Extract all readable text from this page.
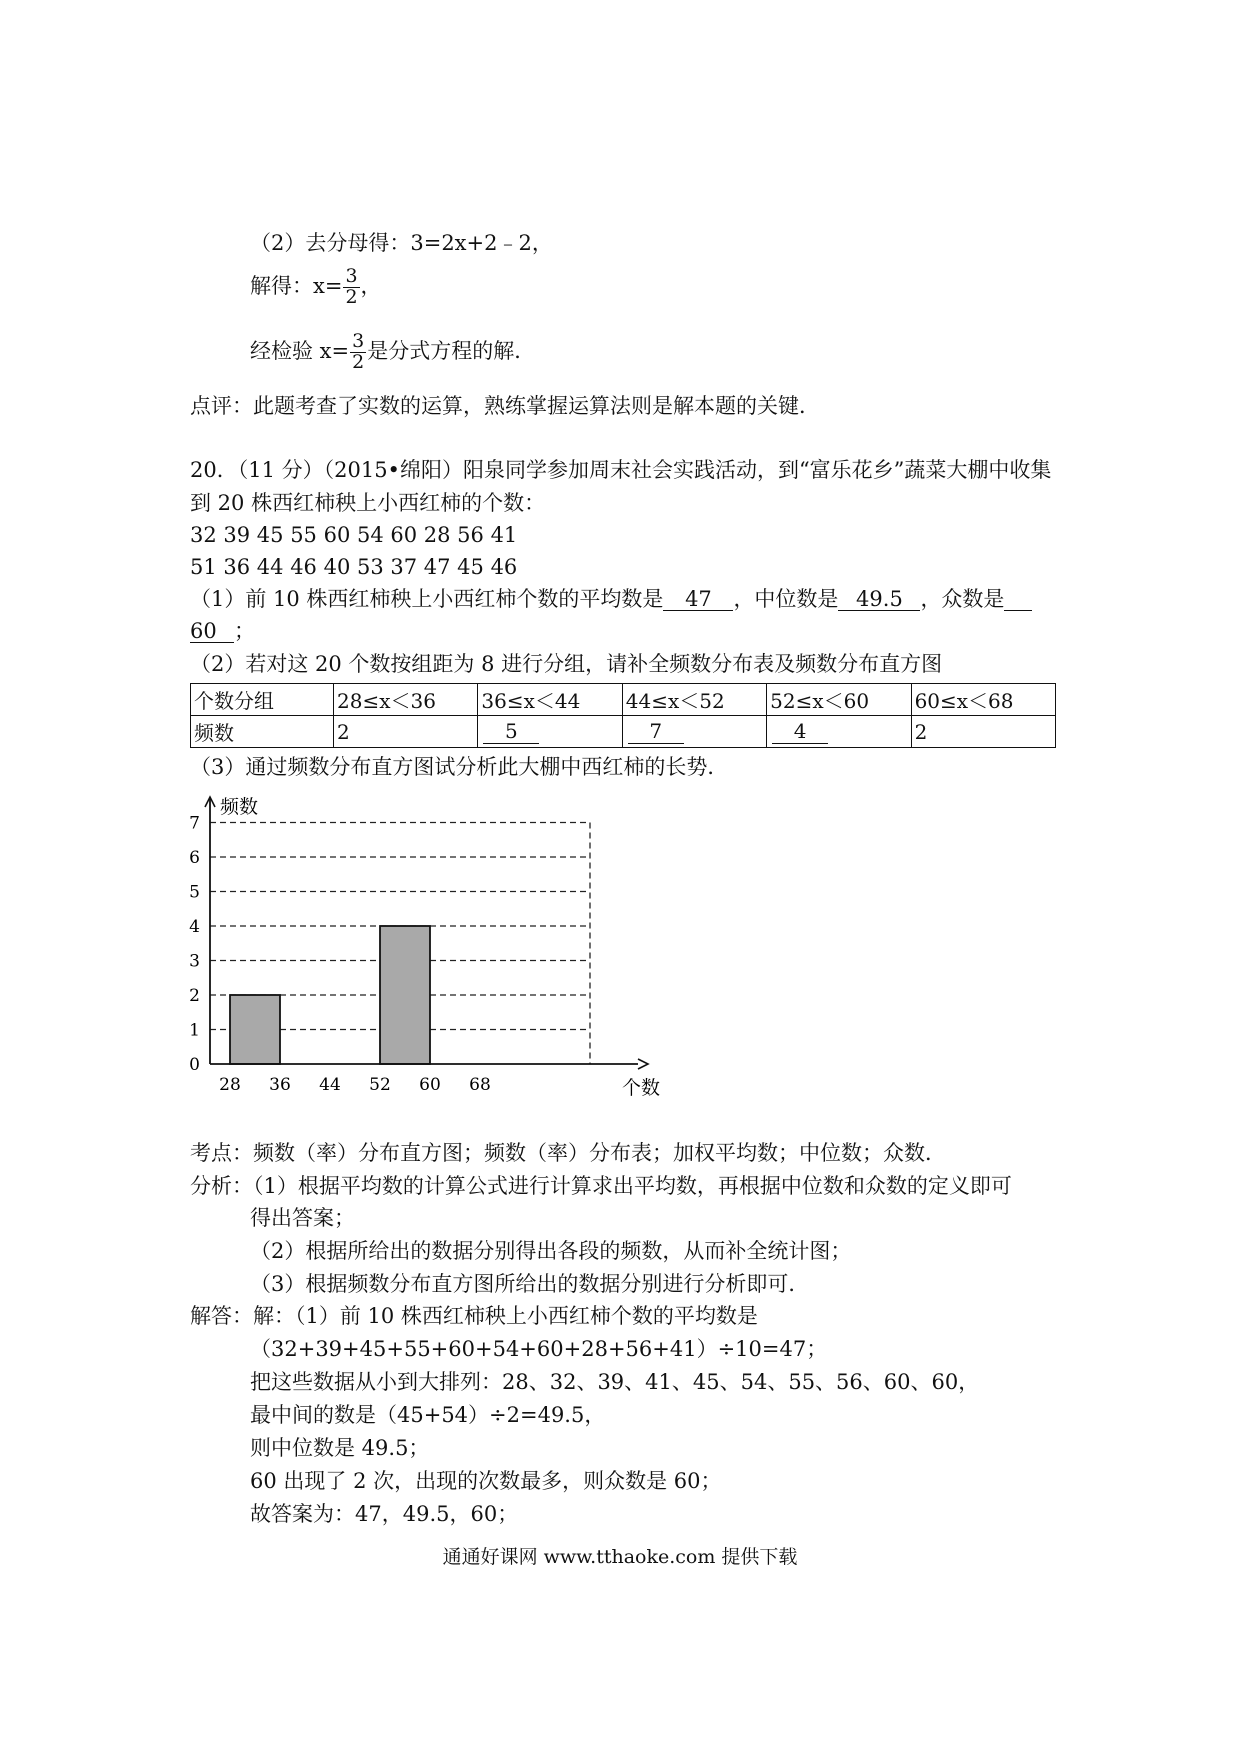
（2）去分母得：3=2x+2﹣2，
解得：$x= \frac{3}{2}$ ，
经检验 $x= \frac{3}{2}$ 是分式方程的解．
点评：此题考查了实数的运算，熟练掌握运算法则是解本题的关键．
20．（11 分）（2015•绵阳）阳泉同学参加周末社会实践活动，到“富乐花乡”蔬菜大棚中收集
到 20 株西红柿秧上小西红柿的个数：
32 39 45 55 60 54 60 28 56 41
51 36 44 46 40 53 37 47 45 46
（1）前 10 株西红柿秧上小西红柿个数的平均数是 47 ，中位数是 49.5 ，众数是
60 ；
（2）若对这 20 个数按组距为 8 进行分组，请补全频数分布表及频数分布直方图
个数分组	28≤x＜36	36≤x＜44	44≤x＜52	52≤x＜60	60≤x＜68
频数	2	5	7	4	2
（3）通过频数分布直方图试分析此大棚中西红柿的长势．
0
1
2
3
4
5
6
7
28 36 44 52 60 68
频数
个数
考点：频数（率）分布直方图；频数（率）分布表；加权平均数；中位数；众数．
分析：（1）根据平均数的计算公式进行计算求出平均数，再根据中位数和众数的定义即可
得出答案；
（2）根据所给出的数据分别得出各段的频数，从而补全统计图；
（3）根据频数分布直方图所给出的数据分别进行分析即可．
解答：解：（1）前 10 株西红柿秧上小西红柿个数的平均数是
（32+39+45+55+60+54+60+28+56+41）÷10=47；
把这些数据从小到大排列：28、32、39、41、45、54、55、56、60、60，
最中间的数是（45+54）÷2=49.5，
则中位数是 49.5；
60 出现了 2 次，出现的次数最多，则众数是 60；
故答案为：47，49.5，60；
通通好课网 www.tthaoke.com 提供下载
